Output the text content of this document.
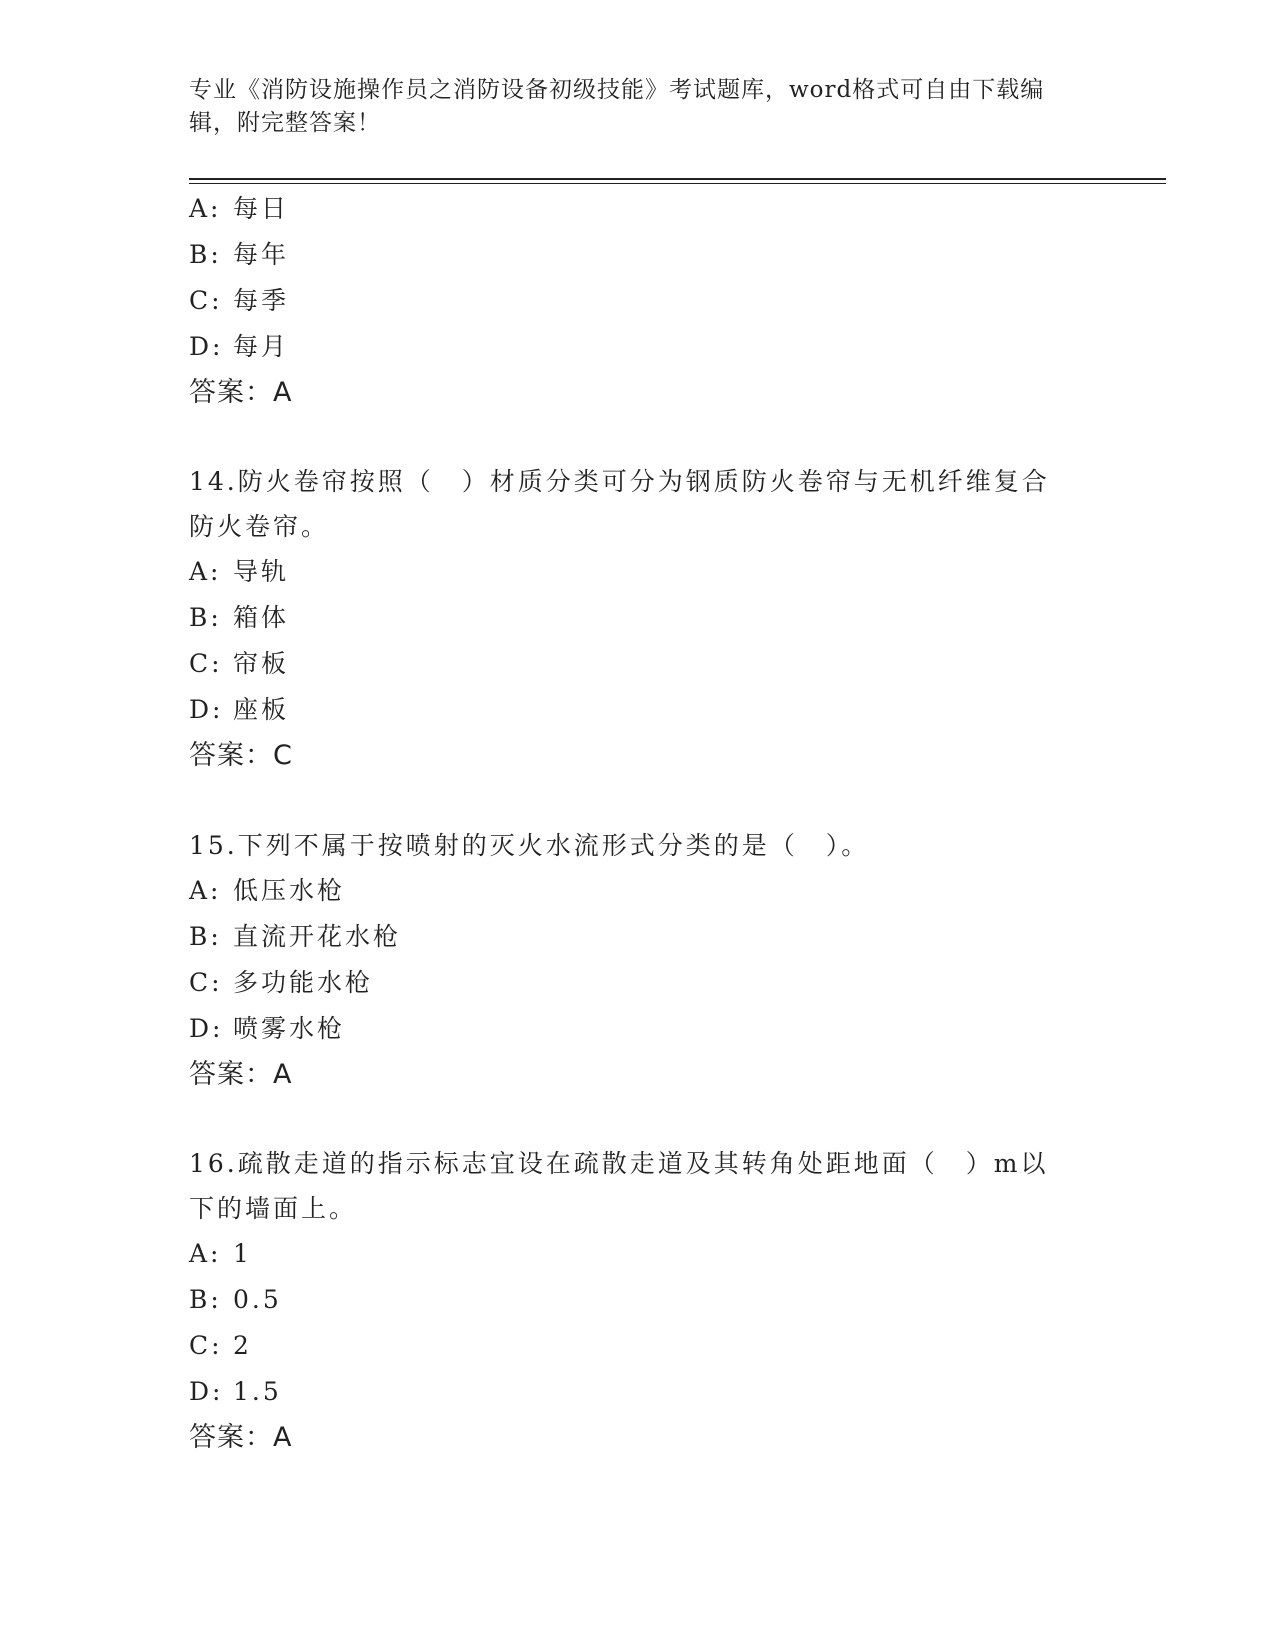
专业《消防设施操作员之消防设备初级技能》考试题库，word格式可自由下载编
辑，附完整答案！
A: 每日
B: 每年
C: 每季
D: 每月
答案：A
14.防火卷帘按照（　）材质分类可分为钢质防火卷帘与无机纤维复合
防火卷帘。
A: 导轨
B: 箱体
C: 帘板
D: 座板
答案：C
15.下列不属于按喷射的灭火水流形式分类的是（　）。
A: 低压水枪
B: 直流开花水枪
C: 多功能水枪
D: 喷雾水枪
答案：A
16.疏散走道的指示标志宜设在疏散走道及其转角处距地面（　）m以
下的墙面上。
A: 1
B: 0.5
C: 2
D: 1.5
答案：A
